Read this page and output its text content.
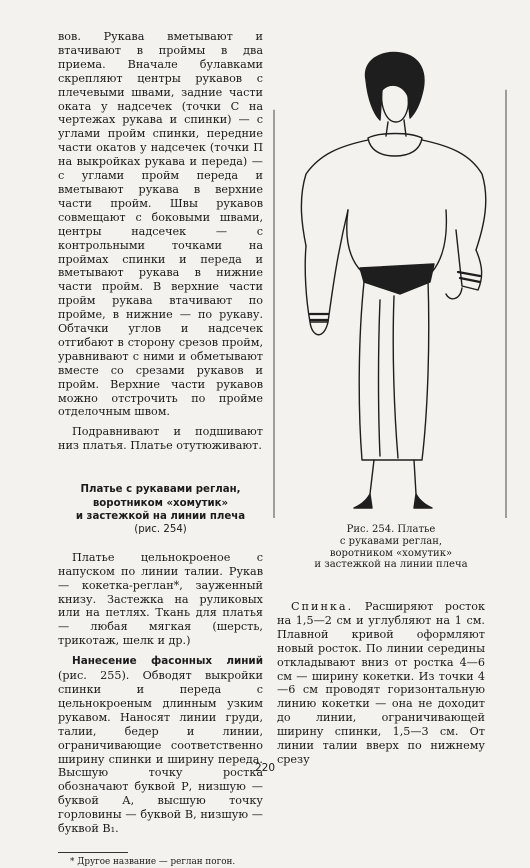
вов. Рукава вметывают и втачивают в проймы в два приема. Вначале булавками скрепляют центры рукавов с плечевыми швами, задние части оката у надсечек (точки С на чертежах рукава и спинки) — с углами пройм спинки, передние части окатов у надсечек (точки П на выкройках рукава и переда) — с углами пройм переда и вметывают рукава в верхние части пройм. Швы рукавов совмещают с боковыми швами, центры надсечек — с контрольными точками на проймах спинки и переда и вметывают рукава в нижние части пройм. В верхние части пройм рукава втачивают по пройме, в нижние — по рукаву. Обтачки углов и надсечек отгибают в сторону срезов пройм, уравнивают с ними и обметывают вместе со срезами рукавов и пройм. Верхние части рукавов можно отстрочить по пройме отделочным швом.

Подравнивают и подшивают низ платья. Платье отутюживают.

Платье с рукавами реглан,
воротником «хомутик»
и застежкой на линии плеча
(рис. 254)

Платье цельнокроеное с напуском по линии талии. Рукав — кокетка-реглан*, зауженный книзу. Застежка на руликовых или на петлях. Ткань для платья — любая мягкая (шерсть, трикотаж, шелк и др.)

Нанесение фасонных линий (рис. 255). Обводят выкройки спинки и переда с цельнокроеным длинным узким рукавом. Наносят линии груди, талии, бедер и линии, ограничивающие соответственно ширину спинки и ширину переда. Высшую точку ростка обозначают буквой Р, низшую — буквой А, высшую точку горловины — буквой В, низшую — буквой В₁.

* Другое название — реглан погон.

Рис. 254. Платье
с рукавами реглан,
воротником «хомутик»
и застежкой на линии плеча

Спинка. Расширяют росток на 1,5—2 см и углубляют на 1 см. Плавной кривой оформляют новый росток. По линии середины откладывают вниз от ростка 4—6 см — ширину кокетки. Из точки 4—6 см проводят горизонтальную линию кокетки — она не доходит до линии, ограничивающей ширину спинки, 1,5—3 см. От линии талии вверх по нижнему срезу

220
